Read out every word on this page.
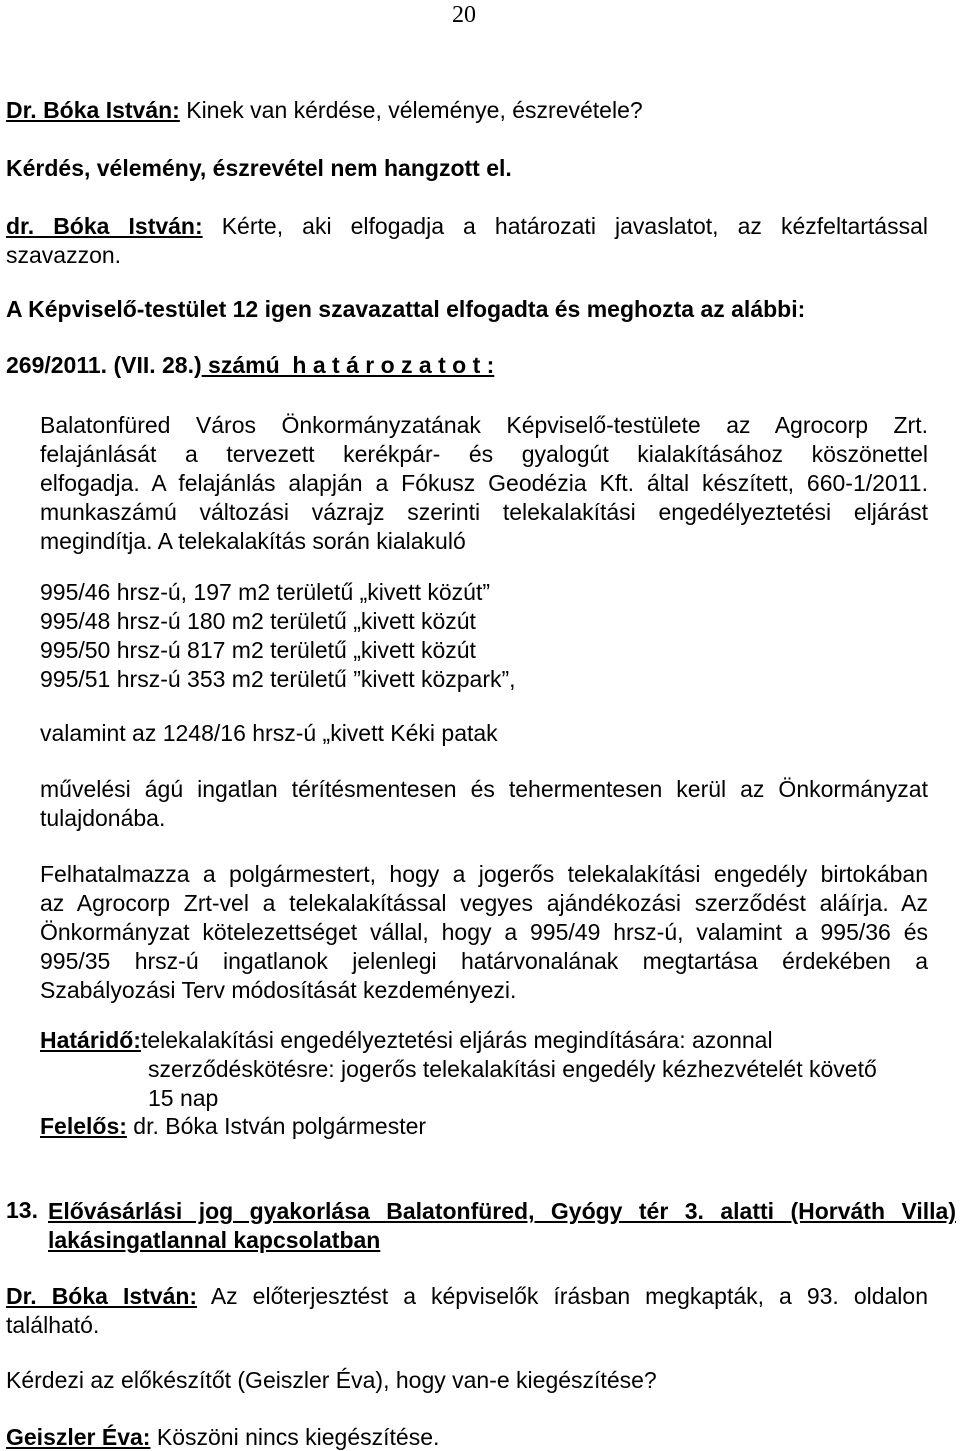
20
Dr. Bóka István: Kinek van kérdése, véleménye, észrevétele?
Kérdés, vélemény, észrevétel nem hangzott el.
dr. Bóka István: Kérte, aki elfogadja a határozati javaslatot, az kézfeltartással
szavazzon.
A Képviselő-testület 12 igen szavazattal elfogadta és meghozta az alábbi:
269/2011. (VII. 28.) számú  h a t á r o z a t o t :
Balatonfüred Város Önkormányzatának Képviselő-testülete az Agrocorp Zrt.
felajánlását a tervezett kerékpár- és gyalogút kialakításához köszönettel
elfogadja. A felajánlás alapján a Fókusz Geodézia Kft. által készített, 660-1/2011.
munkaszámú változási vázrajz szerinti telekalakítási engedélyeztetési eljárást
megindítja. A telekalakítás során kialakuló
995/46 hrsz-ú, 197 m2 területű „kivett közút”
995/48 hrsz-ú 180 m2 területű „kivett közút
995/50 hrsz-ú 817 m2 területű „kivett közút
995/51 hrsz-ú 353 m2 területű ”kivett közpark”,
valamint az 1248/16 hrsz-ú „kivett Kéki patak
művelési ágú ingatlan térítésmentesen és tehermentesen kerül az Önkormányzat
tulajdonába.
Felhatalmazza a polgármestert, hogy a jogerős telekalakítási engedély birtokában
az Agrocorp Zrt-vel a telekalakítással vegyes ajándékozási szerződést aláírja. Az
Önkormányzat kötelezettséget vállal, hogy a 995/49 hrsz-ú, valamint a 995/36 és
995/35 hrsz-ú ingatlanok jelenlegi határvonalának megtartása érdekében a
Szabályozási Terv módosítását kezdeményezi.
Határidő:telekalakítási engedélyeztetési eljárás megindítására: azonnal
szerződéskötésre: jogerős telekalakítási engedély kézhezvételét követő
15 nap
Felelős: dr. Bóka István polgármester
13. Elővásárlási jog gyakorlása Balatonfüred, Gyógy tér 3. alatti (Horváth Villa)
lakásingatlannal kapcsolatban
Dr. Bóka István: Az előterjesztést a képviselők írásban megkapták, a 93. oldalon
található.
Kérdezi az előkészítőt (Geiszler Éva), hogy van-e kiegészítése?
Geiszler Éva: Köszöni nincs kiegészítése.
